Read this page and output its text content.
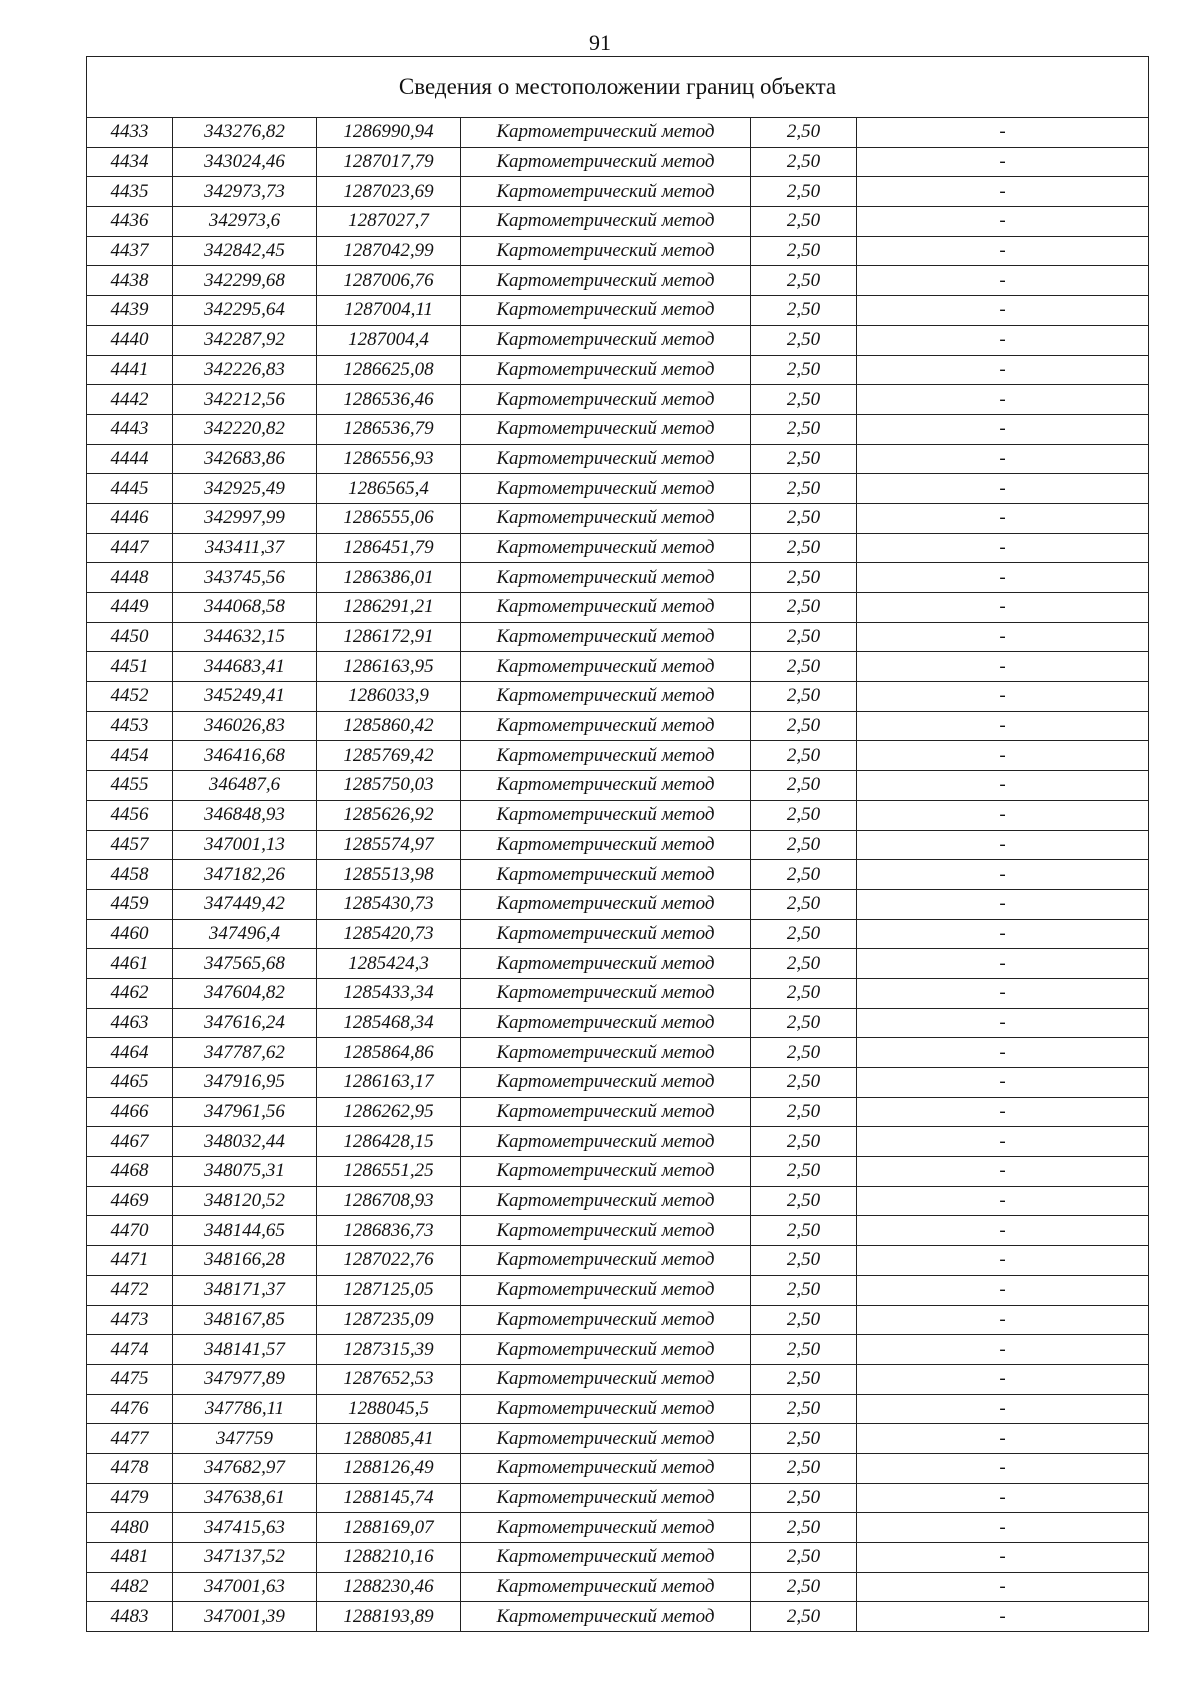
91
Сведения о местоположении границ объекта					
4433	343276,82	1286990,94	Картометрический метод	2,50	-
4434	343024,46	1287017,79	Картометрический метод	2,50	-
4435	342973,73	1287023,69	Картометрический метод	2,50	-
4436	342973,6	1287027,7	Картометрический метод	2,50	-
4437	342842,45	1287042,99	Картометрический метод	2,50	-
4438	342299,68	1287006,76	Картометрический метод	2,50	-
4439	342295,64	1287004,11	Картометрический метод	2,50	-
4440	342287,92	1287004,4	Картометрический метод	2,50	-
4441	342226,83	1286625,08	Картометрический метод	2,50	-
4442	342212,56	1286536,46	Картометрический метод	2,50	-
4443	342220,82	1286536,79	Картометрический метод	2,50	-
4444	342683,86	1286556,93	Картометрический метод	2,50	-
4445	342925,49	1286565,4	Картометрический метод	2,50	-
4446	342997,99	1286555,06	Картометрический метод	2,50	-
4447	343411,37	1286451,79	Картометрический метод	2,50	-
4448	343745,56	1286386,01	Картометрический метод	2,50	-
4449	344068,58	1286291,21	Картометрический метод	2,50	-
4450	344632,15	1286172,91	Картометрический метод	2,50	-
4451	344683,41	1286163,95	Картометрический метод	2,50	-
4452	345249,41	1286033,9	Картометрический метод	2,50	-
4453	346026,83	1285860,42	Картометрический метод	2,50	-
4454	346416,68	1285769,42	Картометрический метод	2,50	-
4455	346487,6	1285750,03	Картометрический метод	2,50	-
4456	346848,93	1285626,92	Картометрический метод	2,50	-
4457	347001,13	1285574,97	Картометрический метод	2,50	-
4458	347182,26	1285513,98	Картометрический метод	2,50	-
4459	347449,42	1285430,73	Картометрический метод	2,50	-
4460	347496,4	1285420,73	Картометрический метод	2,50	-
4461	347565,68	1285424,3	Картометрический метод	2,50	-
4462	347604,82	1285433,34	Картометрический метод	2,50	-
4463	347616,24	1285468,34	Картометрический метод	2,50	-
4464	347787,62	1285864,86	Картометрический метод	2,50	-
4465	347916,95	1286163,17	Картометрический метод	2,50	-
4466	347961,56	1286262,95	Картометрический метод	2,50	-
4467	348032,44	1286428,15	Картометрический метод	2,50	-
4468	348075,31	1286551,25	Картометрический метод	2,50	-
4469	348120,52	1286708,93	Картометрический метод	2,50	-
4470	348144,65	1286836,73	Картометрический метод	2,50	-
4471	348166,28	1287022,76	Картометрический метод	2,50	-
4472	348171,37	1287125,05	Картометрический метод	2,50	-
4473	348167,85	1287235,09	Картометрический метод	2,50	-
4474	348141,57	1287315,39	Картометрический метод	2,50	-
4475	347977,89	1287652,53	Картометрический метод	2,50	-
4476	347786,11	1288045,5	Картометрический метод	2,50	-
4477	347759	1288085,41	Картометрический метод	2,50	-
4478	347682,97	1288126,49	Картометрический метод	2,50	-
4479	347638,61	1288145,74	Картометрический метод	2,50	-
4480	347415,63	1288169,07	Картометрический метод	2,50	-
4481	347137,52	1288210,16	Картометрический метод	2,50	-
4482	347001,63	1288230,46	Картометрический метод	2,50	-
4483	347001,39	1288193,89	Картометрический метод	2,50	-
